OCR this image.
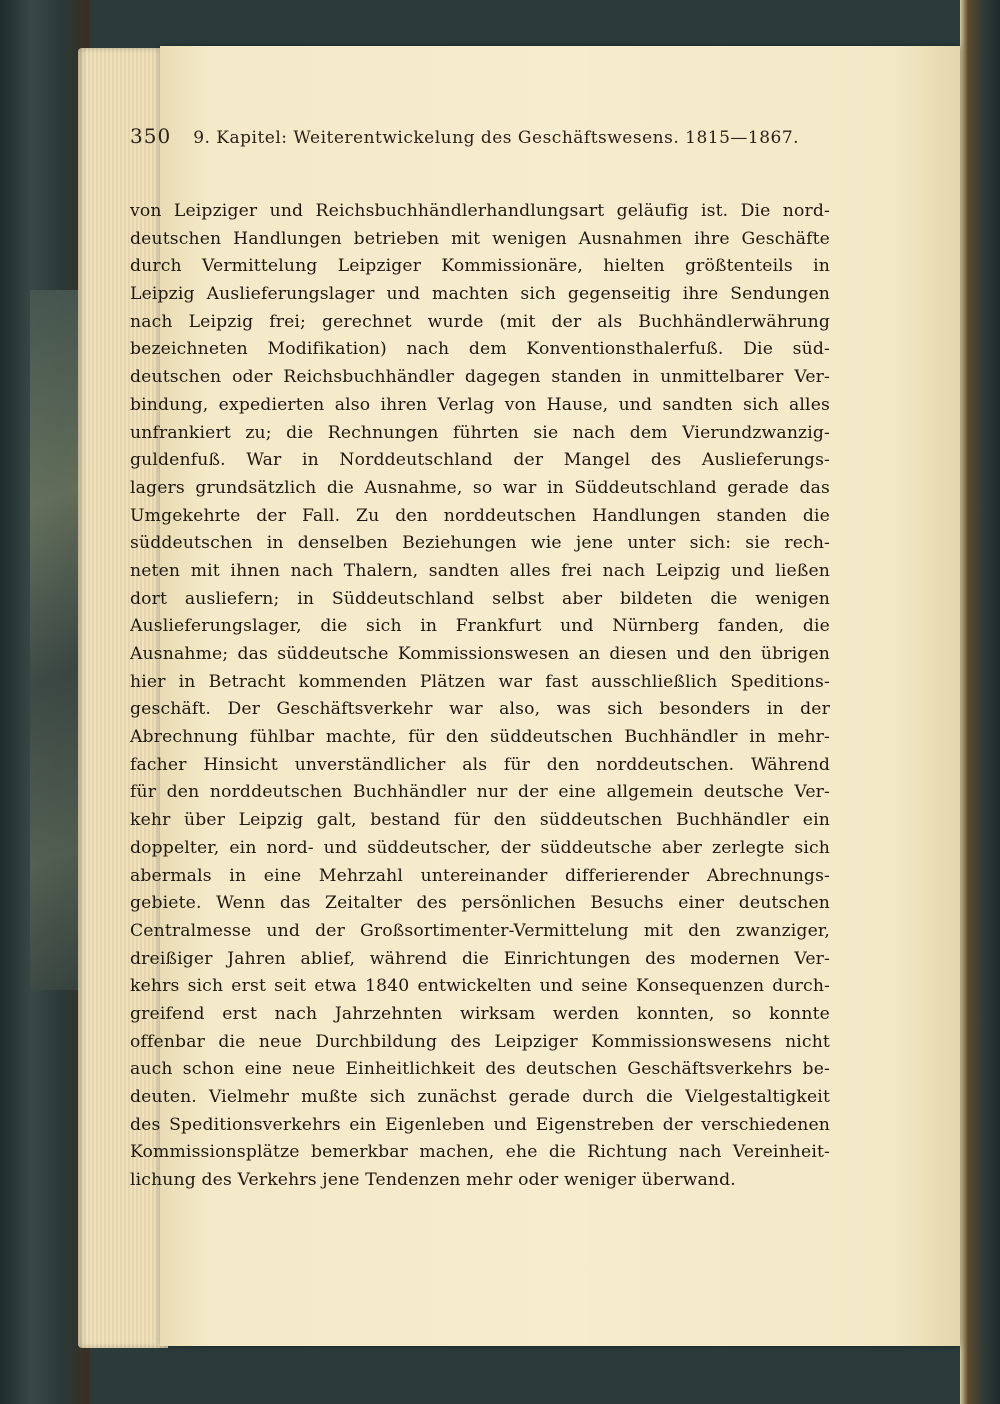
350 9. Kapitel: Weiterentwickelung des Geschäftswesens. 1815—1867.
von Leipziger und Reichsbuchhändlerhandlungsart geläufig ist. Die nord-
deutschen Handlungen betrieben mit wenigen Ausnahmen ihre Geschäfte
durch Vermittelung Leipziger Kommissionäre, hielten größtenteils in
Leipzig Auslieferungslager und machten sich gegenseitig ihre Sendungen
nach Leipzig frei; gerechnet wurde (mit der als Buchhändlerwährung
bezeichneten Modifikation) nach dem Konventionsthalerfuß. Die süd-
deutschen oder Reichsbuchhändler dagegen standen in unmittelbarer Ver-
bindung, expedierten also ihren Verlag von Hause, und sandten sich alles
unfrankiert zu; die Rechnungen führten sie nach dem Vierundzwanzig-
guldenfuß. War in Norddeutschland der Mangel des Auslieferungs-
lagers grundsätzlich die Ausnahme, so war in Süddeutschland gerade das
Umgekehrte der Fall. Zu den norddeutschen Handlungen standen die
süddeutschen in denselben Beziehungen wie jene unter sich: sie rech-
neten mit ihnen nach Thalern, sandten alles frei nach Leipzig und ließen
dort ausliefern; in Süddeutschland selbst aber bildeten die wenigen
Auslieferungslager, die sich in Frankfurt und Nürnberg fanden, die
Ausnahme; das süddeutsche Kommissionswesen an diesen und den übrigen
hier in Betracht kommenden Plätzen war fast ausschließlich Speditions-
geschäft. Der Geschäftsverkehr war also, was sich besonders in der
Abrechnung fühlbar machte, für den süddeutschen Buchhändler in mehr-
facher Hinsicht unverständlicher als für den norddeutschen. Während
für den norddeutschen Buchhändler nur der eine allgemein deutsche Ver-
kehr über Leipzig galt, bestand für den süddeutschen Buchhändler ein
doppelter, ein nord- und süddeutscher, der süddeutsche aber zerlegte sich
abermals in eine Mehrzahl untereinander differierender Abrechnungs-
gebiete. Wenn das Zeitalter des persönlichen Besuchs einer deutschen
Centralmesse und der Großsortimenter-Vermittelung mit den zwanziger,
dreißiger Jahren ablief, während die Einrichtungen des modernen Ver-
kehrs sich erst seit etwa 1840 entwickelten und seine Konsequenzen durch-
greifend erst nach Jahrzehnten wirksam werden konnten, so konnte
offenbar die neue Durchbildung des Leipziger Kommissionswesens nicht
auch schon eine neue Einheitlichkeit des deutschen Geschäftsverkehrs be-
deuten. Vielmehr mußte sich zunächst gerade durch die Vielgestaltigkeit
des Speditionsverkehrs ein Eigenleben und Eigenstreben der verschiedenen
Kommissionsplätze bemerkbar machen, ehe die Richtung nach Vereinheit-
lichung des Verkehrs jene Tendenzen mehr oder weniger überwand.
